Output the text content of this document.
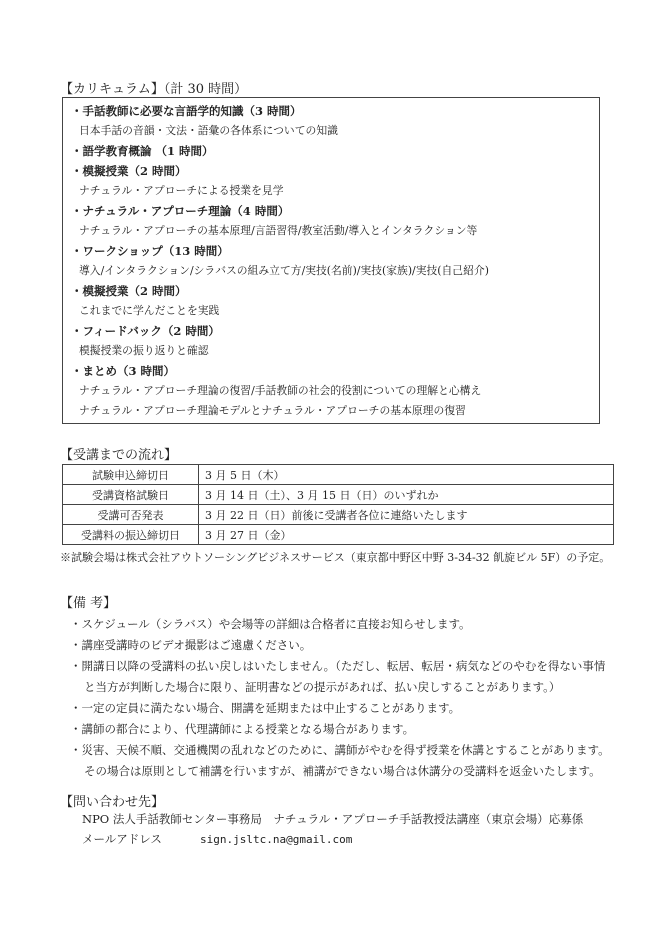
【カリキュラム】（計 30 時間）
・手話教師に必要な言語学的知識（3 時間）
日本手話の音韻・文法・語彙の各体系についての知識
・語学教育概論 （1 時間）
・模擬授業（2 時間）
ナチュラル・アプローチによる授業を見学
・ナチュラル・アプローチ理論（4 時間）
ナチュラル・アプローチの基本原理/言語習得/教室活動/導入とインタラクション等
・ワークショップ（13 時間）
導入/インタラクション/シラバスの組み立て方/実技(名前)/実技(家族)/実技(自己紹介)
・模擬授業（2 時間）
これまでに学んだことを実践
・フィードバック（2 時間）
模擬授業の振り返りと確認
・まとめ（3 時間）
ナチュラル・アプローチ理論の復習/手話教師の社会的役割についての理解と心構え
ナチュラル・アプローチ理論モデルとナチュラル・アプローチの基本原理の復習
【受講までの流れ】
試験申込締切日	3 月 5 日（木）
受講資格試験日	3 月 14 日（土）、3 月 15 日（日）のいずれか
受講可否発表	3 月 22 日（日）前後に受講者各位に連絡いたします
受講料の振込締切日	3 月 27 日（金）
※試験会場は株式会社アウトソーシングビジネスサービス（東京都中野区中野 3-34-32 飢旋ビル 5F）の予定。
【備 考】
・スケジュール（シラバス）や会場等の詳細は合格者に直接お知らせします。
・講座受講時のビデオ撮影はご遠慮ください。
・開講日以降の受講料の払い戻しはいたしません。（ただし、転居、転居・病気などのやむを得ない事情
と当方が判断した場合に限り、証明書などの提示があれば、払い戻しすることがあります。）
・一定の定員に満たない場合、開講を延期または中止することがあります。
・講師の都合により、代理講師による授業となる場合があります。
・災害、天候不順、交通機関の乱れなどのために、講師がやむを得ず授業を休講とすることがあります。
その場合は原則として補講を行いますが、補講ができない場合は休講分の受講料を返金いたします。
【問い合わせ先】
NPO 法人手話教師センター事務局　ナチュラル・アプローチ手話教授法講座（東京会場）応募係
メールアドレス	sign.jsltc.na@gmail.com
